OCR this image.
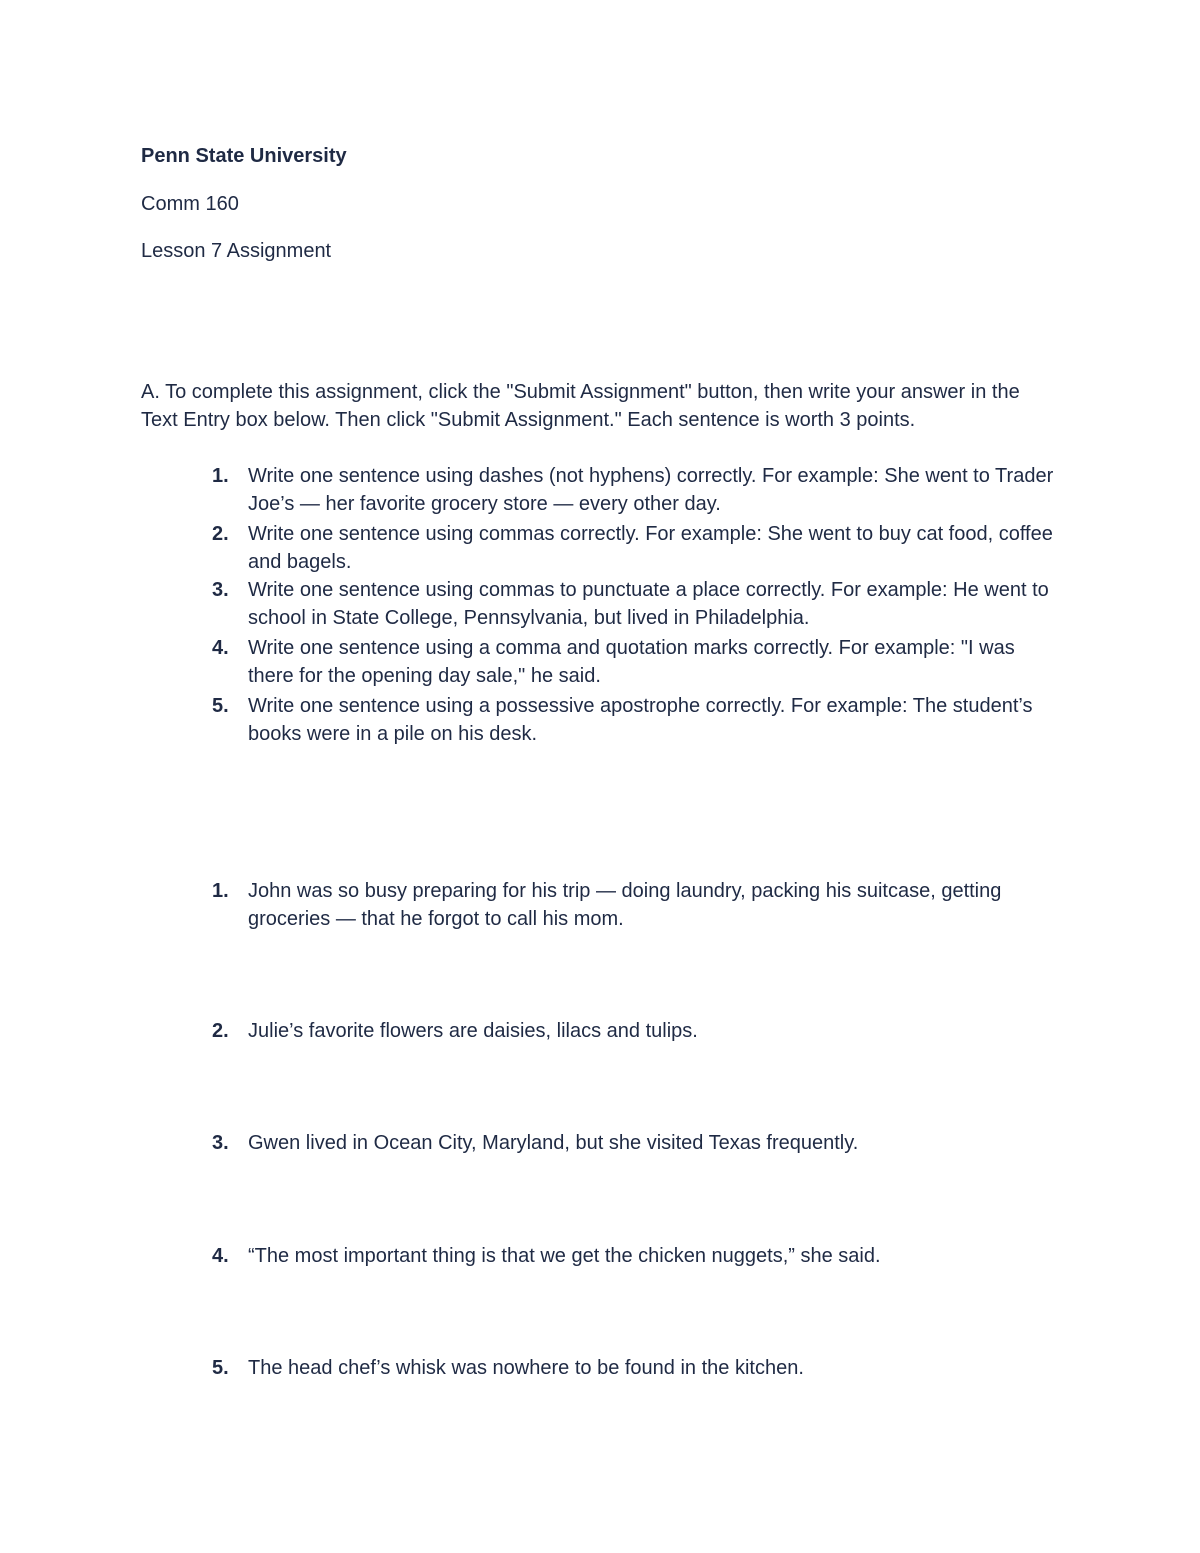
Penn State University
Comm 160
Lesson 7 Assignment
A. To complete this assignment, click the "Submit Assignment" button, then write your answer in the Text Entry box below. Then click "Submit Assignment." Each sentence is worth 3 points.
1. Write one sentence using dashes (not hyphens) correctly. For example: She went to Trader Joe’s — her favorite grocery store — every other day.
2. Write one sentence using commas correctly. For example: She went to buy cat food, coffee and bagels.
3. Write one sentence using commas to punctuate a place correctly. For example: He went to school in State College, Pennsylvania, but lived in Philadelphia.
4. Write one sentence using a comma and quotation marks correctly. For example: "I was there for the opening day sale," he said.
5. Write one sentence using a possessive apostrophe correctly. For example: The student’s books were in a pile on his desk.
1. John was so busy preparing for his trip — doing laundry, packing his suitcase, getting groceries — that he forgot to call his mom.
2. Julie’s favorite flowers are daisies, lilacs and tulips.
3. Gwen lived in Ocean City, Maryland, but she visited Texas frequently.
4. “The most important thing is that we get the chicken nuggets,” she said.
5. The head chef’s whisk was nowhere to be found in the kitchen.
